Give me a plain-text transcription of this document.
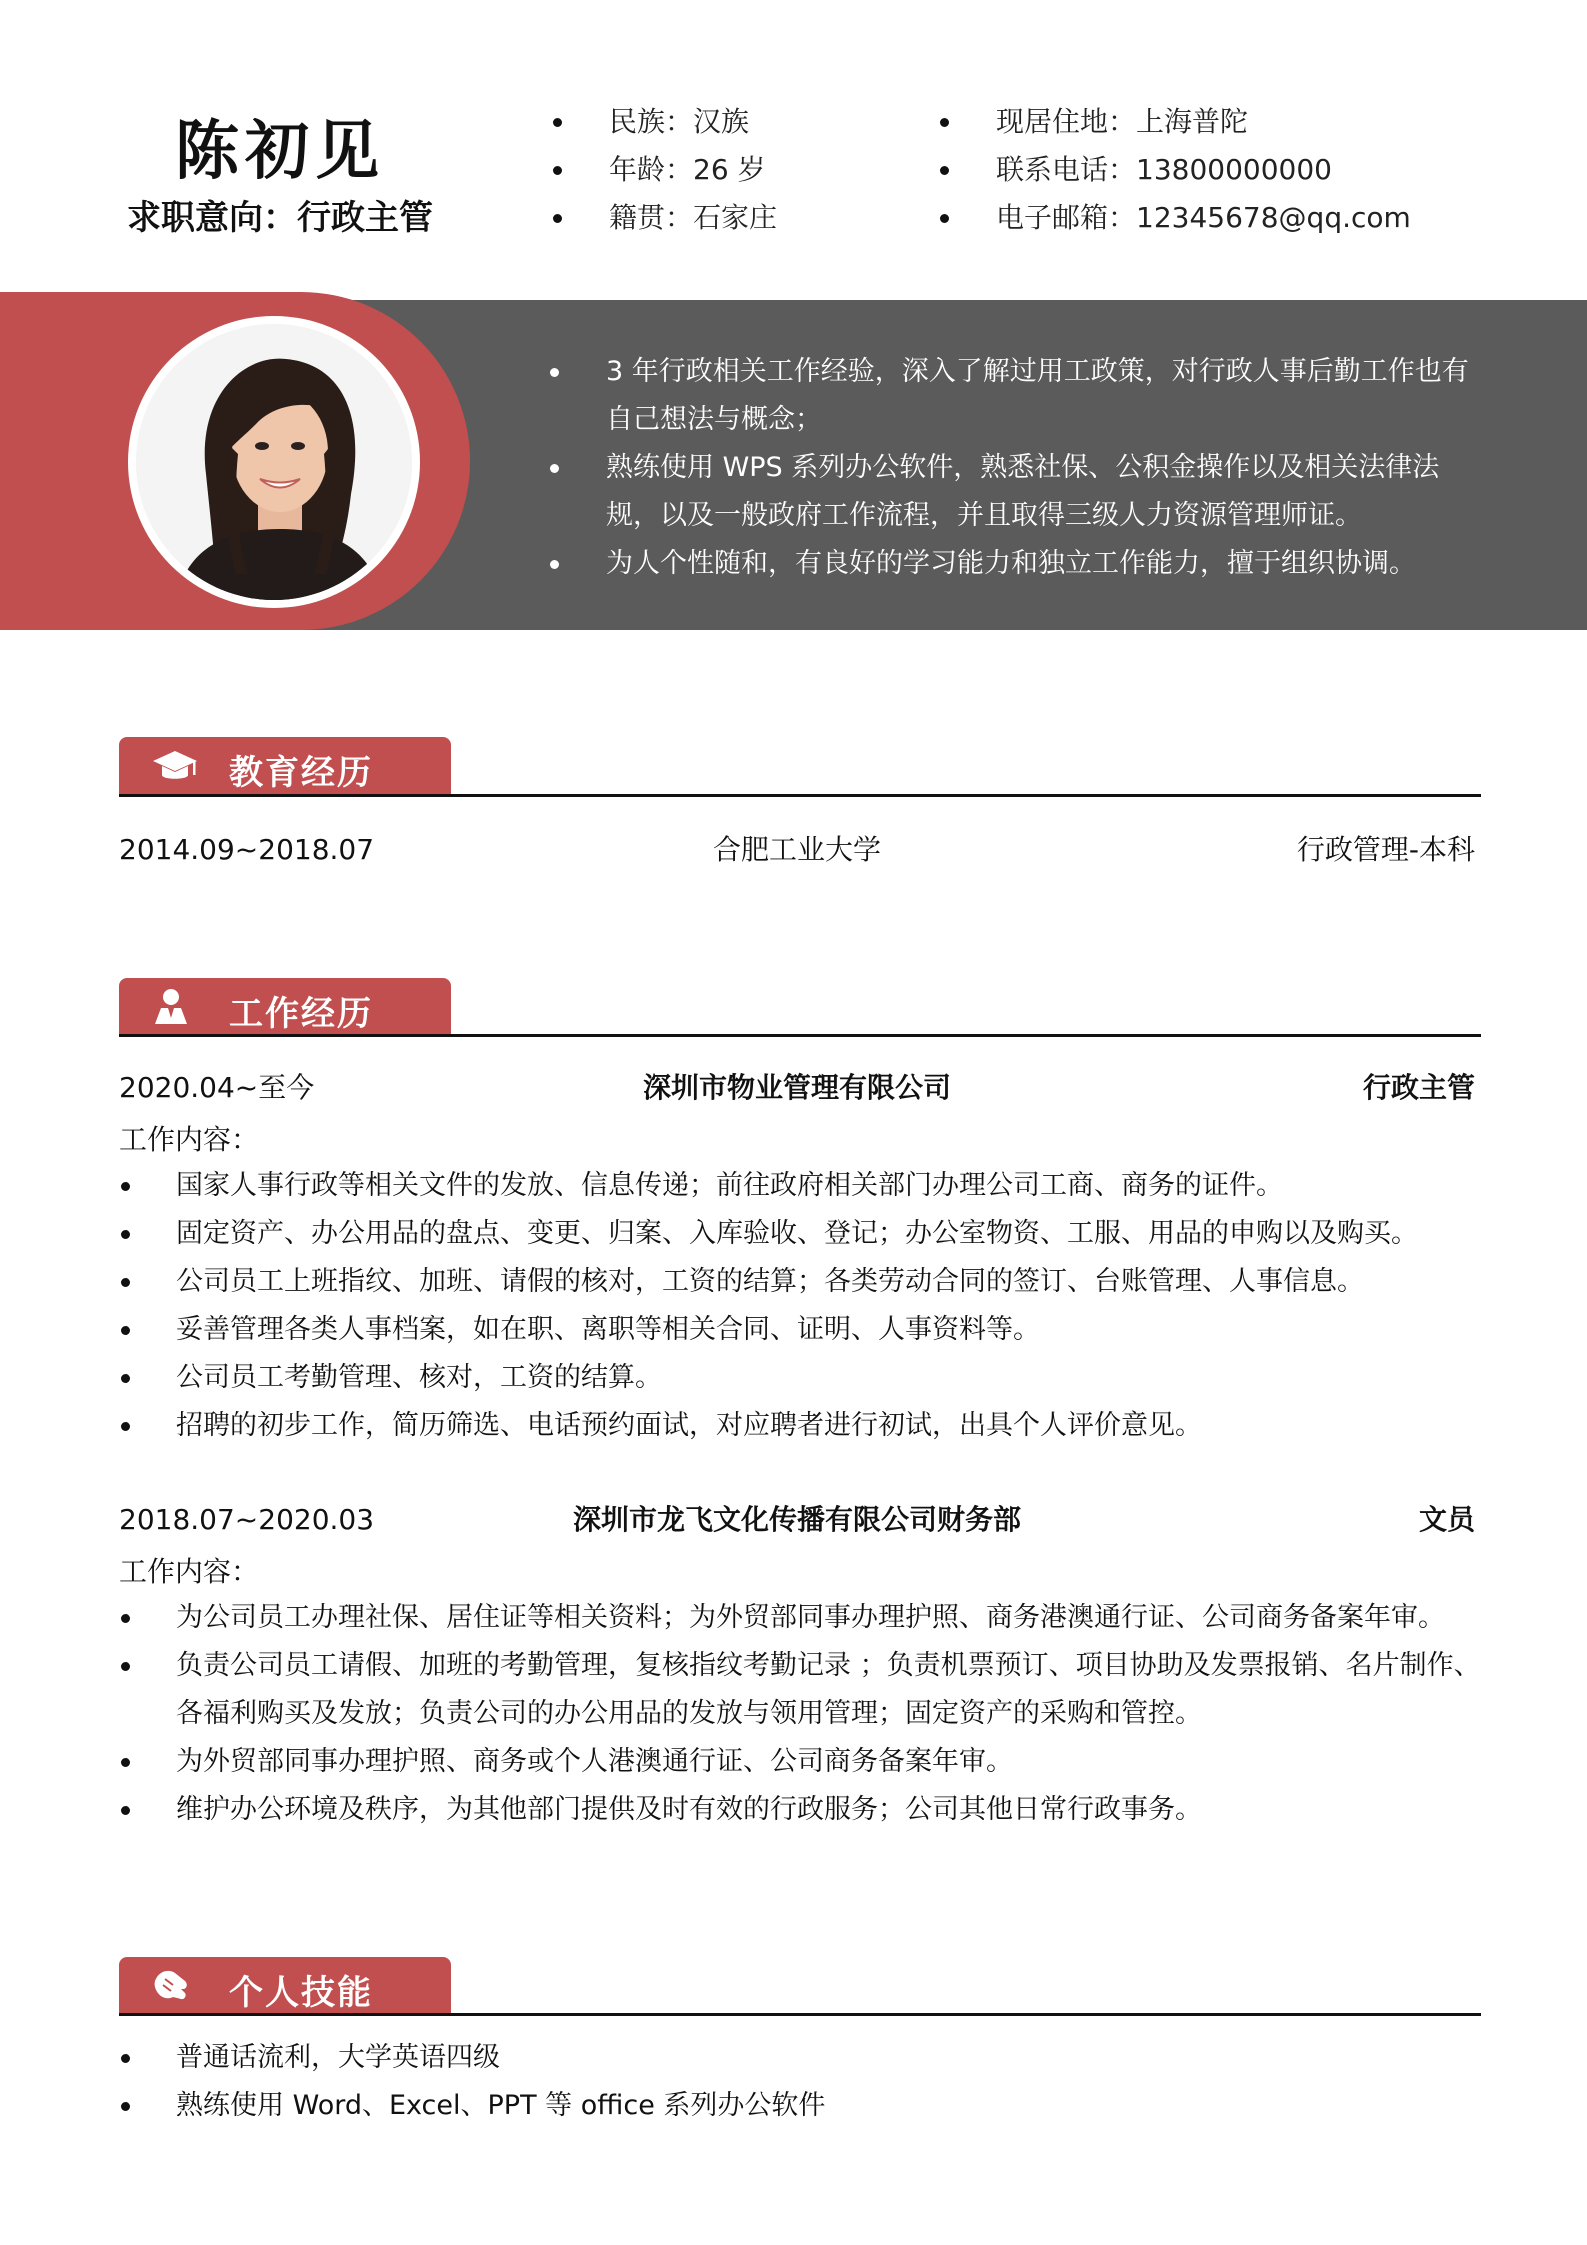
陈初见
求职意向：行政主管
民族：汉族
年龄：26 岁
籍贯：石家庄
现居住地：上海普陀
联系电话：13800000000
电子邮箱：12345678@qq.com
3 年行政相关工作经验，深入了解过用工政策，对行政人事后勤工作也有自己想法与概念；
熟练使用 WPS 系列办公软件，熟悉社保、公积金操作以及相关法律法规，以及一般政府工作流程，并且取得三级人力资源管理师证。
为人个性随和，有良好的学习能力和独立工作能力，擅于组织协调。
教育经历
2014.09~2018.07	合肥工业大学	行政管理-本科
工作经历
2020.04~至今	深圳市物业管理有限公司	行政主管
工作内容：
国家人事行政等相关文件的发放、信息传递；前往政府相关部门办理公司工商、商务的证件。
固定资产、办公用品的盘点、变更、归案、入库验收、登记；办公室物资、工服、用品的申购以及购买。
公司员工上班指纹、加班、请假的核对，工资的结算；各类劳动合同的签订、台账管理、人事信息。
妥善管理各类人事档案，如在职、离职等相关合同、证明、人事资料等。
公司员工考勤管理、核对，工资的结算。
招聘的初步工作，简历筛选、电话预约面试，对应聘者进行初试，出具个人评价意见。
2018.07~2020.03	深圳市龙飞文化传播有限公司财务部	文员
工作内容：
为公司员工办理社保、居住证等相关资料；为外贸部同事办理护照、商务港澳通行证、公司商务备案年审。
负责公司员工请假、加班的考勤管理，复核指纹考勤记录 ；负责机票预订、项目协助及发票报销、名片制作、各福利购买及发放；负责公司的办公用品的发放与领用管理；固定资产的采购和管控。
为外贸部同事办理护照、商务或个人港澳通行证、公司商务备案年审。
维护办公环境及秩序，为其他部门提供及时有效的行政服务；公司其他日常行政事务。
个人技能
普通话流利，大学英语四级
熟练使用 Word、Excel、PPT 等 office 系列办公软件
